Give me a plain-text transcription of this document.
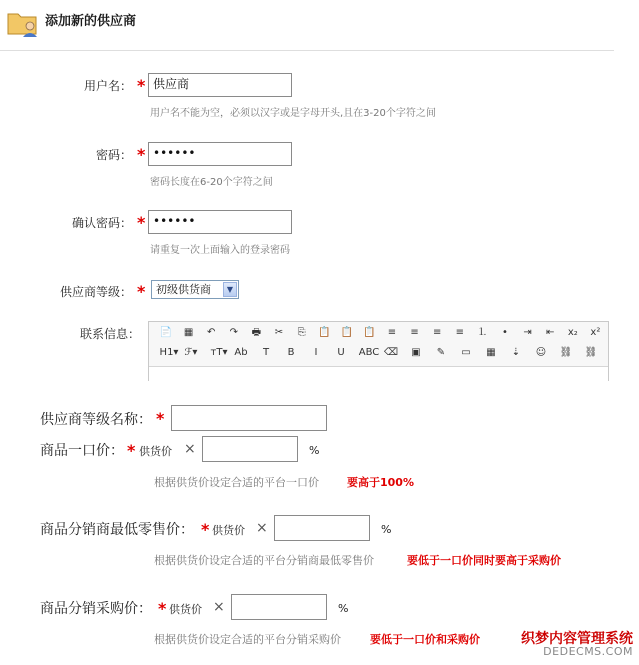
添加新的供应商
用户名： * 供应商
用户名不能为空，必须以汉字或是字母开头,且在3-20个字符之间
密码： * ••••••
密码长度在6-20个字符之间
确认密码： * ••••••
请重复一次上面输入的登录密码
供应商等级： * 初级供货商	▼
联系信息： 📄	▦	↶	↷	🖶	✂	⎘	📋 📋 📋	≡	≡	≡	≡	⒈	•	⇥	⇤	x₂	x²
H1▾ ℱ▾ тT▾ Ab	T	B	I	U	ABC ⌫	▣	✎	▭	▦	⇣	☺ ⛓ ⛓
供应商等级名称： *
商品一口价： * 供货价 ×	%
根据供货价设定合适的平台一口价	要高于100%
商品分销商最低零售价： * 供货价 ×	%
根据供货价设定合适的平台分销商最低零售价	要低于一口价同时要高于采购价
商品分销采购价： * 供货价 ×	%
根据供货价设定合适的平台分销采购价	要低于一口价和采购价	织梦内容管理系统
DEDECMS.COM
